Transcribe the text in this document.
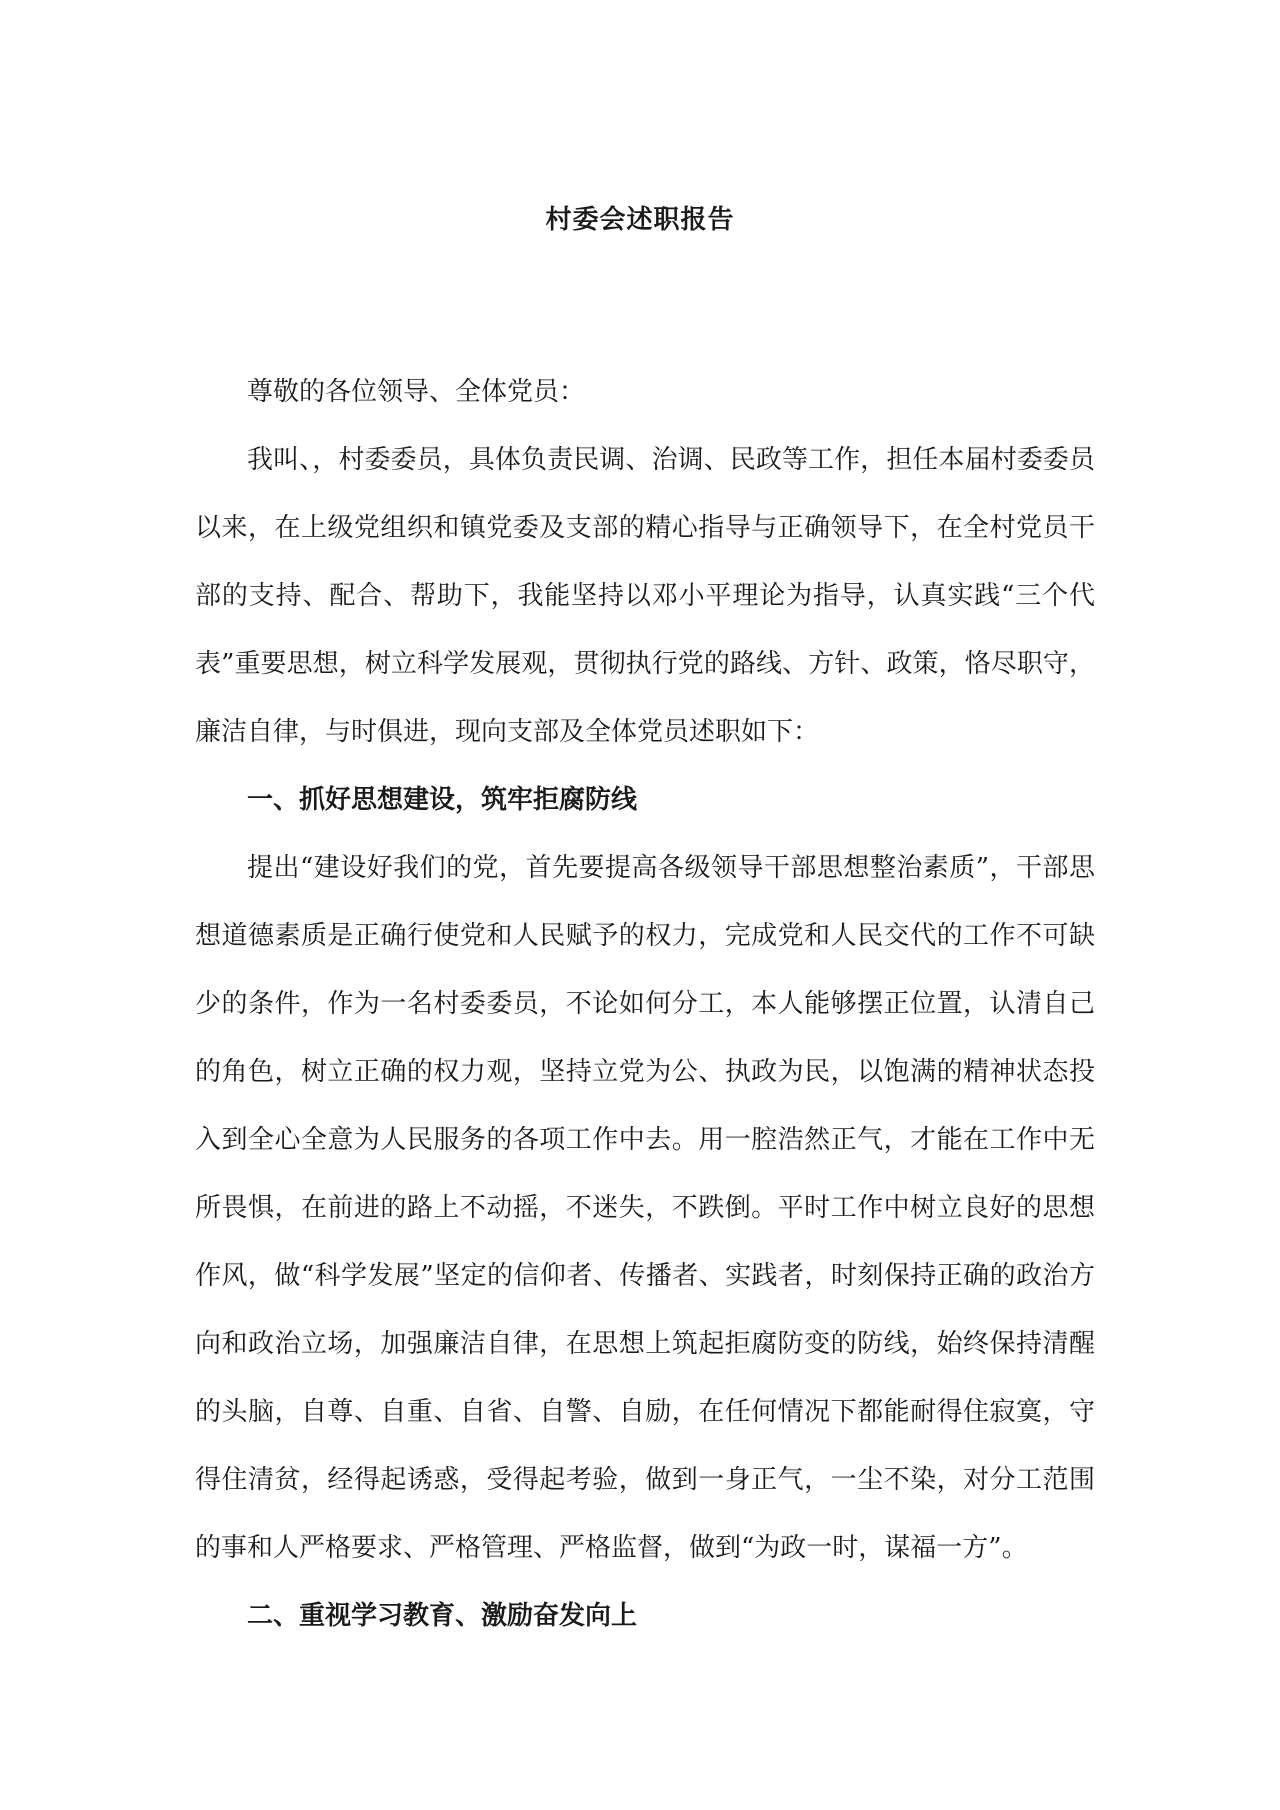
村委会述职报告

尊敬的各位领导、全体党员：

我叫、，村委委员，具体负责民调、治调、民政等工作，担任本届村委委员以来，在上级党组织和镇党委及支部的精心指导与正确领导下，在全村党员干部的支持、配合、帮助下，我能坚持以邓小平理论为指导，认真实践“三个代表”重要思想，树立科学发展观，贯彻执行党的路线、方针、政策，恪尽职守，廉洁自律，与时俱进，现向支部及全体党员述职如下：

一、抓好思想建设，筑牢拒腐防线

提出“建设好我们的党，首先要提高各级领导干部思想整治素质”，干部思想道德素质是正确行使党和人民赋予的权力，完成党和人民交代的工作不可缺少的条件，作为一名村委委员，不论如何分工，本人能够摆正位置，认清自己的角色，树立正确的权力观，坚持立党为公、执政为民，以饱满的精神状态投入到全心全意为人民服务的各项工作中去。用一腔浩然正气，才能在工作中无所畏惧，在前进的路上不动摇，不迷失，不跌倒。平时工作中树立良好的思想作风，做“科学发展”坚定的信仰者、传播者、实践者，时刻保持正确的政治方向和政治立场，加强廉洁自律，在思想上筑起拒腐防变的防线，始终保持清醒的头脑，自尊、自重、自省、自警、自励，在任何情况下都能耐得住寂寞，守得住清贫，经得起诱惑，受得起考验，做到一身正气，一尘不染，对分工范围的事和人严格要求、严格管理、严格监督，做到“为政一时，谋福一方”。

二、重视学习教育、激励奋发向上
